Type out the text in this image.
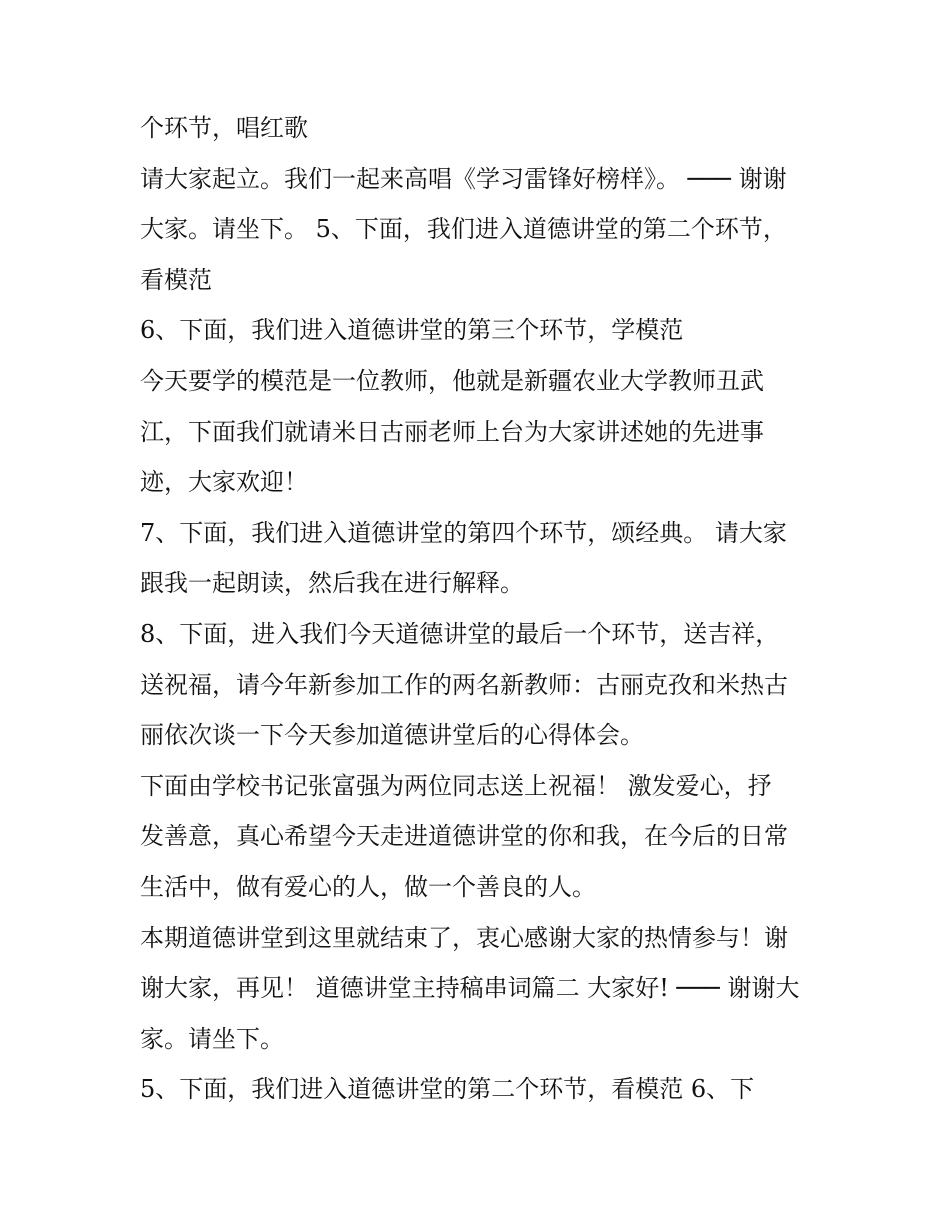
个环节，唱红歌
请大家起立。我们一起来高唱《学习雷锋好榜样》。 ─── 谢谢
大家。请坐下。 5、下面，我们进入道德讲堂的第二个环节，
看模范
6、下面，我们进入道德讲堂的第三个环节，学模范
今天要学的模范是一位教师，他就是新疆农业大学教师丑武
江，下面我们就请米日古丽老师上台为大家讲述她的先进事
迹，大家欢迎！
7、下面，我们进入道德讲堂的第四个环节，颂经典。 请大家
跟我一起朗读，然后我在进行解释。
8、下面，进入我们今天道德讲堂的最后一个环节，送吉祥，
送祝福，请今年新参加工作的两名新教师：古丽克孜和米热古
丽依次谈一下今天参加道德讲堂后的心得体会。
下面由学校书记张富强为两位同志送上祝福！ 激发爱心，抒
发善意，真心希望今天走进道德讲堂的你和我，在今后的日常
生活中，做有爱心的人，做一个善良的人。
本期道德讲堂到这里就结束了，衷心感谢大家的热情参与！谢
谢大家，再见！ 道德讲堂主持稿串词篇二 大家好! ─── 谢谢大
家。请坐下。
5、下面，我们进入道德讲堂的第二个环节，看模范 6、下
